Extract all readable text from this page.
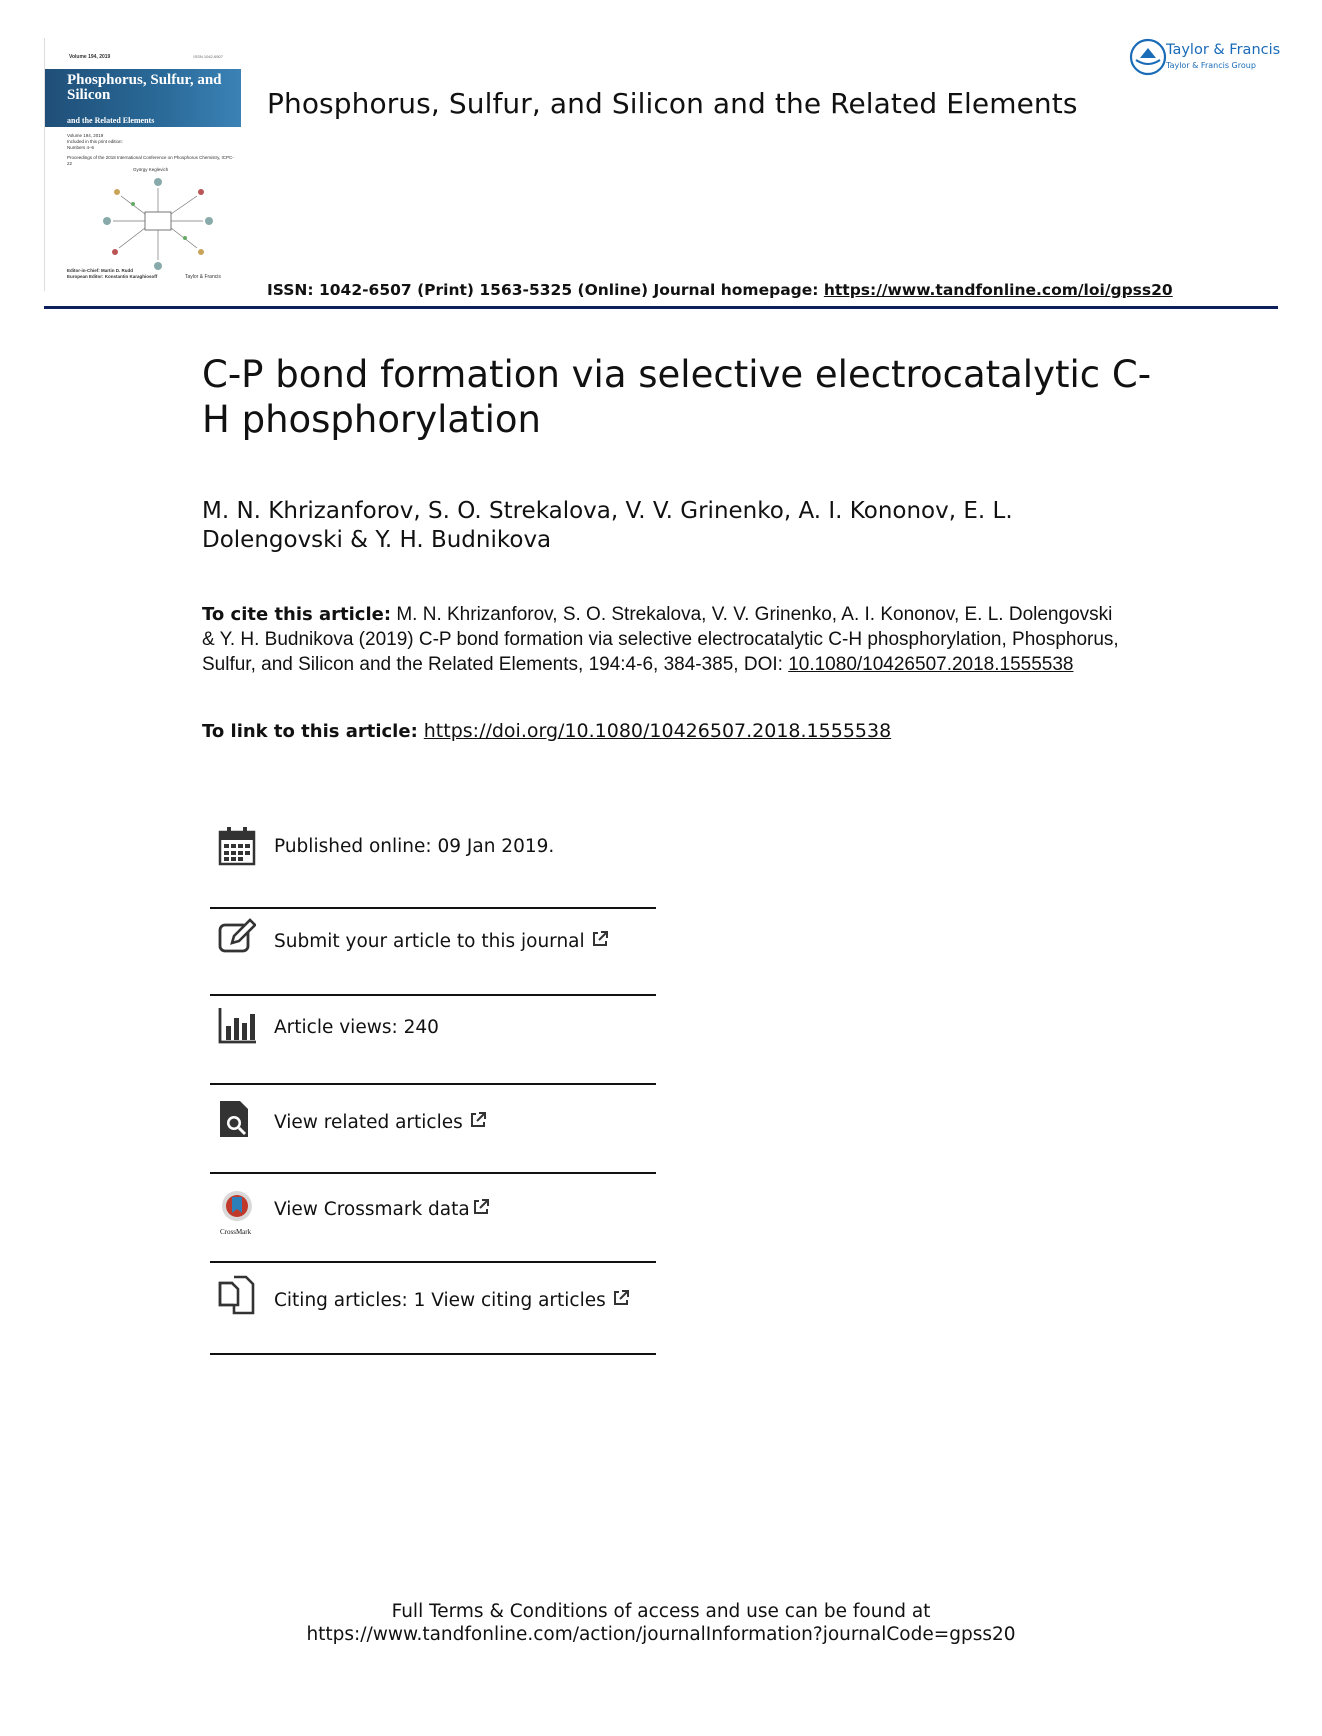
Volume 194, 2019	ISSN 1042-6507
Phosphorus, Sulfur, and Silicon
and the Related Elements
Volume 194, 2019
Included in this print edition:
Numbers 4–6
Proceedings of the 2018 International Conference on Phosphorus Chemistry, ICPC-22
György Keglevich
Editor-in-Chief: Martin D. Rudd
European Editor: Konstantin Karaghiosoff	Taylor & Francis
Phosphorus, Sulfur, and Silicon and the Related Elements
ISSN: 1042-6507 (Print) 1563-5325 (Online) Journal homepage: https://www.tandfonline.com/loi/gpss20
Taylor & Francis
Taylor & Francis Group
C-P bond formation via selective electrocatalytic C-H phosphorylation
M. N. Khrizanforov, S. O. Strekalova, V. V. Grinenko, A. I. Kononov, E. L. Dolengovski & Y. H. Budnikova
To cite this article: M. N. Khrizanforov, S. O. Strekalova, V. V. Grinenko, A. I. Kononov, E. L. Dolengovski & Y. H. Budnikova (2019) C-P bond formation via selective electrocatalytic C-H phosphorylation, Phosphorus, Sulfur, and Silicon and the Related Elements, 194:4-6, 384-385, DOI: 10.1080/10426507.2018.1555538
To link to this article: https://doi.org/10.1080/10426507.2018.1555538
Published online: 09 Jan 2019.
Submit your article to this journal
Article views: 240
View related articles
CrossMark
View Crossmark data
Citing articles: 1 View citing articles
Full Terms & Conditions of access and use can be found at
https://www.tandfonline.com/action/journalInformation?journalCode=gpss20
